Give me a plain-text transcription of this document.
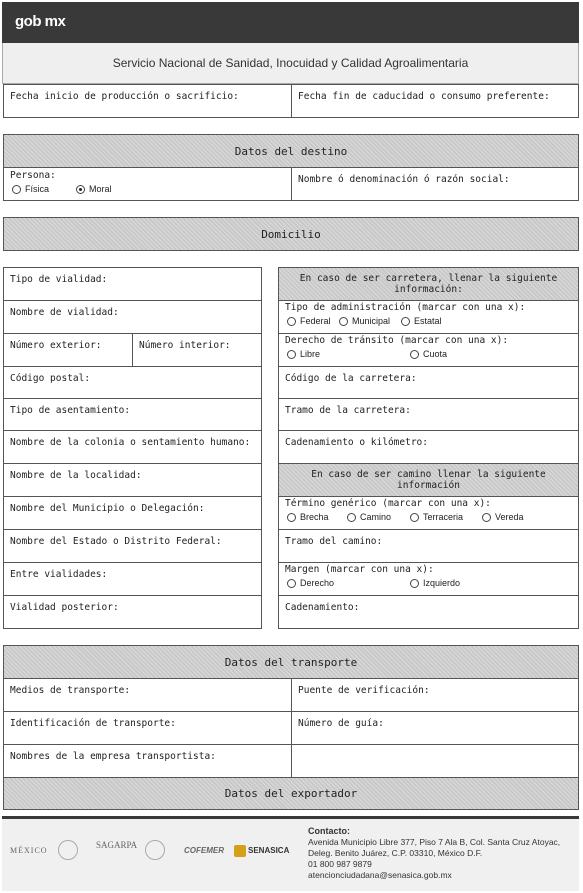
gob mx
Servicio Nacional de Sanidad, Inocuidad y Calidad Agroalimentaria
Fecha inicio de producción o sacrificio:	Fecha fin de caducidad o consumo preferente:
Datos del destino
Persona:
Física	Moral
Nombre ó denominación ó razón social:
Domicilio
Tipo de vialidad:
Nombre de vialidad:
Número exterior:	Número interior:
Código postal:
Tipo de asentamiento:
Nombre de la colonia o sentamiento humano:
Nombre de la localidad:
Nombre del Municipio o Delegación:
Nombre del Estado o Distrito Federal:
Entre vialidades:
Vialidad posterior:
En caso de ser carretera, llenar la siguiente información:
Tipo de administración (marcar con una x):
Federal Municipal	Estatal
Derecho de tránsito (marcar con una x):
Libre	Cuota
Código de la carretera:
Tramo de la carretera:
Cadenamiento o kilómetro:
En caso de ser camino llenar la siguiente información
Término genérico (marcar con una x):
Brecha	Camino	Terraceria	Vereda
Tramo del camino:
Margen (marcar con una x):
Derecho	Izquierdo
Cadenamiento:
Datos del transporte
Medios de transporte:	Puente de verificación:
Identificación de transporte:	Número de guía:
Nombres de la empresa transportista:
Datos del exportador
MÉXICO
SAGARPA
COFEMER	SENASICA
Contacto:
Avenida Municipio Libre 377, Piso 7 Ala B, Col. Santa Cruz Atoyac,
Deleg. Benito Juárez, C.P. 03310, México D.F.
01 800 987 9879
atencionciudadana@senasica.gob.mx
